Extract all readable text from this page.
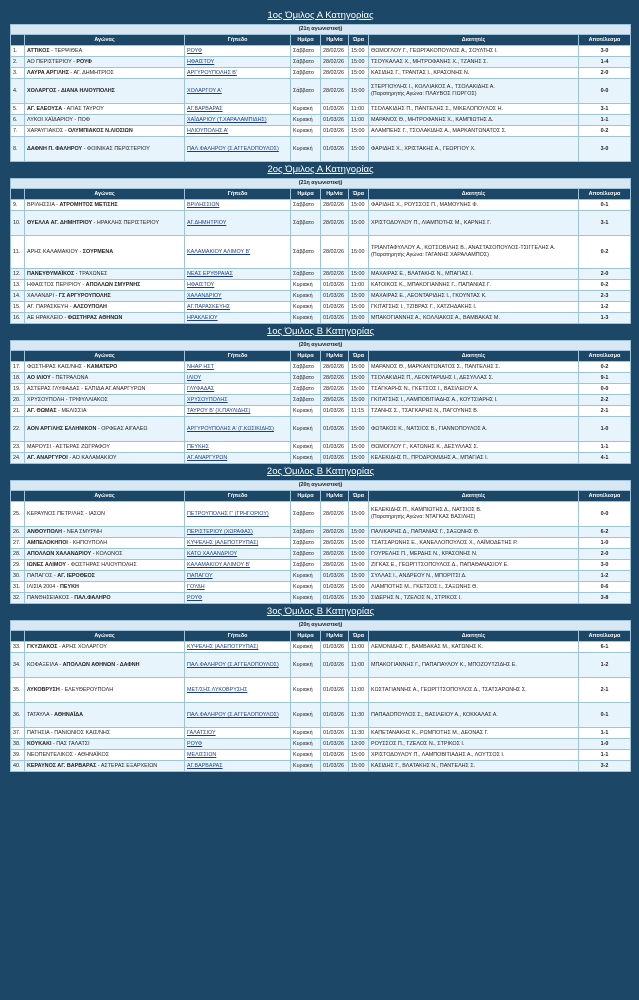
1ος Όμιλος Α Κατηγορίας							
(21η αγωνιστική)							
	Αγώνας	Γήπεδο	Ημέρα	Ημ/νία	Ώρα	Διαιτητές	Αποτέλεσμα
1.	ΑΤΤΙΚΟΣ - ΤΕΡΨΙΘΕΑ	ΡΟΥΦ	Σάββατο	28/02/26	15:00	ΘΩΜΟΓΛΟΥ Γ., ΓΕΩΡΓΑΚΟΠΟΥΛΟΣ Α., ΣΟΥΛΤΗΣ Ι.	3-0
2.	ΑΟ ΠΕΡΙΣΤΕΡΙΟΥ - ΡΟΥΦ	ΗΦΑΙΣΤΟΥ	Σάββατο	28/02/26	15:00	ΤΣΟΥΚΑΛΑΣ Χ., ΜΗΤΡΟΦΑΝΗΣ Χ., ΤΖΑΝΗΣ Σ.	1-4
3.	ΛΑΥΡΑ ΑΡΓ/ΛΗΣ - ΑΓ. ΔΗΜΗΤΡΙΟΣ	ΑΡΓΥΡΟΥΠΟΛΗΣ Β'	Σάββατο	28/02/26	15:00	ΚΑΣΙΔΗΣ Γ., ΤΡΑΝΤΑΣ Ι., ΚΡΑΣΟΝΗΣ Ν.	2-0
4.	ΧΟΛΑΡΓΟΣ - ΔΙΑΝΑ ΗΛΙΟΥΠΟΛΗΣ	ΧΟΛΑΡΓΟΥ Α'	Σάββατο	28/02/26	15:00	ΣΤΕΡΓΙΟΥΛΗΣ Ι., ΚΟΛΛΙΑΚΟΣ Α., ΤΣΟΛΑΚΙΔΗΣ Α.
(Παρατηρητής Αγώνα: ΠΛΑΥΒΟΣ ΓΙΩΡΓΟΣ)	0-0
5.	ΑΓ. ΕΛΕΟΥΣΑ - ΑΓΙΑΣ ΤΑΥΡΟΥ	ΑΓ.ΒΑΡΒΑΡΑΣ	Κυριακή	01/03/26	11:00	ΤΣΟΛΑΚΙΔΗΣ Π., ΠΑΝΤΕΛΗΣ Σ., ΜΙΚΕΛΟΠΟΥΛΟΣ Η.	3-1
6.	ΛΥΚΟΙ ΧΑΪΔΑΡΙΟΥ - ΠΟΦ	ΧΑΪΔΑΡΙΟΥ (Τ.ΧΑΡΑΛΑΜΠΙΔΗΣ)	Κυριακή	01/03/26	11:00	ΜΑΡΑΝΟΣ Θ., ΜΗΤΡΟΦΑΝΗΣ Χ., ΚΑΜΠΙΩΤΗΣ Δ.	1-1
7.	ΧΑΡΑΥΓΙΑΚΟΣ - ΟΛΥΜΠΙΑΚΟΣ Ν.ΛΙΟΣΙΩΝ	ΗΛΙΟΥΠΟΛΗΣ Α'	Κυριακή	01/03/26	15:00	ΑΛΑΜΠΕΗΣ Γ., ΤΣΟΛΑΚΙΔΗΣ Α., ΜΑΡΚΑΝΤΩΝΑΤΟΣ Σ.	0-2
8.	ΔΑΦΝΗ Π. ΦΑΛΗΡΟΥ - ΦΟΙΝΙΚΑΣ ΠΕΡΙΣΤΕΡΙΟΥ	ΠΑΛ.ΦΑΛΗΡΟΥ (Σ.ΑΓΓΕΛΟΠΟΥΛΟΣ)	Κυριακή	01/03/26	15:00	ΦΑΡΙΔΗΣ Χ., ΧΡΙΣΤΑΚΗΣ Α., ΓΕΩΡΓΙΟΥ Χ.	3-0
2ος Όμιλος Α Κατηγορίας							
(21η αγωνιστική)							
	Αγώνας	Γήπεδο	Ημέρα	Ημ/νία	Ώρα	Διαιτητές	Αποτέλεσμα
9.	ΒΡΙΛΗΣΣΙΑ - ΑΤΡΟΜΗΤΟΣ ΜΕΤ/ΣΗΣ	ΒΡΙΛΗΣΣΙΩΝ	Σάββατο	28/02/26	15:00	ΦΑΡΙΔΗΣ Χ., ΡΟΥΣΣΟΣ Π., ΜΑΜΟΥΝΗΣ Φ.	0-1
10.	ΘΥΕΛΛΑ ΑΓ. ΔΗΜΗΤΡΙΟΥ - ΗΡΑΚΛΗΣ ΠΕΡΙΣΤΕΡΙΟΥ	ΑΓ.ΔΗΜΗΤΡΙΟΥ	Σάββατο	28/02/26	15:00	ΧΡΙΣΤΟΔΟΥΛΟΥ Π., ΛΙΑΜΠΟΤΗΣ Μ., ΚΑΡΝΗΣ Γ.	3-1
11.	ΑΡΗΣ ΚΑΛΑΜΑΚΙΟΥ - ΣΟΥΡΜΕΝΑ	ΚΑΛΑΜΑΚΙΟΥ ΑΛΙΜΟΥ Β'	Σάββατο	28/02/26	15:00	ΤΡΙΑΝΤΑΦΥΛΛΟΥ Α., ΚΩΤΣΟΒΙΛΗΣ Β., ΑΝΑΣΤΑΣΟΠΟΥΛΟΣ-ΤΣΙΓΓΕΛΗΣ Α.
(Παρατηρητής Αγώνα: ΓΑΓΑΝΗΣ ΧΑΡΑΛΑΜΠΟΣ)	0-2
12.	ΠΑΝΕΥΘΥΜΑΪΚΟΣ - ΤΡΑΧΩΝΕΣ	ΝΕΑΣ ΕΡΥΘΡΑΙΑΣ	Σάββατο	28/02/26	15:00	ΜΑΧΑΙΡΑΣ Ε., ΒΛΑΤΑΚΗΣ Ν., ΜΠΑΓΙΑΣ Ι.	2-0
13.	ΗΦΑΙΣΤΟΣ ΠΕΡ/ΡΙΟΥ - ΑΠΟΛΛΩΝ ΣΜΥΡΝΗΣ	ΗΦΑΙΣΤΟΥ	Κυριακή	01/03/26	11:00	ΚΑΤΟΙΚΟΣ Κ., ΜΠΑΚΟΓΙΑΝΝΗΣ Γ., ΠΑΠΑΝΙΑΣ Γ.	0-2
14.	ΧΑΛΑΝΔΡΙ - ΓΣ ΑΡΓΥΡΟΥΠΟΛΗΣ	ΧΑΛΑΝΔΡΙΟΥ	Κυριακή	01/03/26	15:00	ΜΑΧΑΙΡΑΣ Ε., ΛΕΟΝΤΑΡΙΔΗΣ Ι., ΓΚΟΥΝΤΑΣ Κ.	2-3
15.	ΑΓ. ΠΑΡΑΣΚΕΥΗ - ΑΛΣΟΥΠΟΛΗ	ΑΓ.ΠΑΡΑΣΚΕΥΗΣ	Κυριακή	01/03/26	15:00	ΓΚΙΤΑΤΣΗΣ Ι., ΤΖΙΒΡΑΣ Γ., ΧΑΤΖΗΔΑΚΗΣ Ι.	1-2
16.	ΑΕ ΗΡΑΚΛΕΙΟ - ΦΩΣΤΗΡΑΣ ΑΘΗΝΩΝ	ΗΡΑΚΛΕΙΟΥ	Κυριακή	01/03/26	15:00	ΜΠΑΚΟΓΙΑΝΝΗΣ Α., ΚΟΛΛΙΑΚΟΣ Α., ΒΑΜΒΑΚΑΣ Μ.	1-3
1ος Όμιλος Β Κατηγορίας							
(20η αγωνιστική)							
	Αγώνας	Γήπεδο	Ημέρα	Ημ/νία	Ώρα	Διαιτητές	Αποτέλεσμα
17.	ΦΩΣΤΗΡΑΣ ΚΑΙΣ/ΝΗΣ - ΚΑΜΑΤΕΡΟ	ΝΗΑΡ ΗΣΤ	Σάββατο	28/02/26	15:00	ΜΑΡΑΝΟΣ Θ., ΜΑΡΚΑΝΤΩΝΑΤΟΣ Σ., ΠΑΝΤΕΛΗΣ Σ.	0-2
18.	ΑΟ ΙΛΙΟΥ - ΠΕΤΡΑΛΩΝΑ	ΙΛΙΟΥ	Σάββατο	28/02/26	15:00	ΤΣΟΛΑΚΙΔΗΣ Π., ΛΕΟΝΤΑΡΙΔΗΣ Ι., ΔΕΣΥΛΛΑΣ Σ.	9-1
19.	ΑΣΤΕΡΑΣ ΓΛΥΦΑΔΑΣ - ΕΛΠΙΔΑ ΑΓ.ΑΝΑΡΓΥΡΩΝ	ΓΛΥΦΑΔΑΣ	Σάββατο	28/02/26	15:00	ΤΣΑΓΚΑΡΗΣ Ν., ΓΚΕΤΣΟΣ Ι., ΒΑΣΙΛΕΙΟΥ Α.	0-0
20.	ΧΡΥΣΟΥΠΟΛΗ - ΤΡΙΦΥΛΛΙΑΚΟΣ	ΧΡΥΣΟΥΠΟΛΗΣ	Σάββατο	28/02/26	15:00	ΓΚΙΤΑΤΣΗΣ Ι., ΛΑΜΠΟΒΙΤΙΑΔΗΣ Α., ΚΟΥΤΣΙΑΡΗΣ Ι.	2-2
21.	ΑΓ. ΘΩΜΑΣ - ΜΕΛΙΣΣΙΑ	ΤΑΥΡΟΥ Β' (Χ.ΠΑΥΛΙΔΗΣ)	Κυριακή	01/03/26	11:15	ΤΖΑΝΗΣ Σ., ΤΣΑΓΚΑΡΗΣ Ν., ΠΑΓΟΥΝΗΣ Β.	2-1
22.	ΑΟΝ ΑΡΓ/ΛΗΣ ΕΛΛΗΝΙΚΟΝ - ΟΡΦΕΑΣ ΑΙΓΑΛΕΩ	ΑΡΓΥΡΟΥΠΟΛΗΣ Α' (Γ.ΚΩΣΙΚΙΔΗΣ)	Κυριακή	01/03/26	15:00	ΦΩΤΑΚΟΣ Κ., ΝΑΤΣΙΟΣ Β., ΓΙΑΝΝΟΠΟΥΛΟΣ Α.	1-0
23.	ΜΑΡΟΥΣΙ - ΑΣΤΕΡΑΣ ΖΩΓΡΑΦΟΥ	ΠΕΥΚΗΣ	Κυριακή	01/03/26	15:00	ΘΩΜΟΓΛΟΥ Γ., ΚΑΤΩΝΗΣ Κ., ΔΕΣΥΛΛΑΣ Σ.	1-1
24.	ΑΓ. ΑΝΑΡΓΥΡΟΙ - ΑΟ ΚΑΛΑΜΑΚΙΟΥ	ΑΓ.ΑΝΑΡΓΥΡΩΝ	Κυριακή	01/03/26	15:00	ΚΕΛΕΚΙΔΗΣ Π., ΠΡΟΔΡΟΜΙΔΗΣ Α., ΜΠΑΓΙΑΣ Ι.	4-1
2ος Όμιλος Β Κατηγορίας							
(20η αγωνιστική)							
	Αγώνας	Γήπεδο	Ημέρα	Ημ/νία	Ώρα	Διαιτητές	Αποτέλεσμα
25.	ΚΕΡΑΥΝΟΣ ΠΕΤΡ/ΛΗΣ - ΙΑΣΩΝ	ΠΕΤΡΟΥΠΟΛΗΣ Γ' (ΓΡΗΓΟΡΙΟΥ)	Σάββατο	28/02/26	15:00	ΚΕΛΕΚΙΔΗΣ Π., ΚΑΜΠΙΩΤΗΣ Δ., ΝΑΤΣΙΟΣ Β.
(Παρατηρητής Αγώνα: ΝΤΑΓΚΑΣ ΒΑΣΙΛΗΣ)	0-0
26.	ΑΝΘΟΥΠΟΛΗ - ΝΕΑ ΣΜΥΡΝΗ	ΠΕΡΙΣΤΕΡΙΟΥ (ΧΩΡΑΦΑΣ)	Σάββατο	28/02/26	15:00	ΠΑΛΙΚΑΡΗΣ Δ., ΠΑΠΑΝΙΑΣ Γ., ΣΑΞΩΝΗΣ Θ.	6-2
27.	ΑΜΠΕΛΟΚΗΠΟΙ - ΚΗΠΟΥΠΟΛΗ	ΚΥΨΕΛΗΣ (ΑΛΕΠΟΤΡΥΠΑΣ)	Σάββατο	28/02/26	15:00	ΤΣΑΤΣΑΡΩΝΗΣ Ε., ΚΑΝΕΛΛΟΠΟΥΛΟΣ Χ., ΛΑΪΜΟΔΕΤΗΣ Ρ.	1-0
28.	ΑΠΟΛΛΩΝ ΧΑΛΑΝΔΡΙΟΥ - ΚΟΛΩΝΟΣ	ΚΑΤΩ ΧΑΛΑΝΔΡΙΟΥ	Σάββατο	28/02/26	15:00	ΓΟΥΡΕΛΗΣ Π., ΜΕΡΔΗΣ Ν., ΚΡΑΣΟΝΗΣ Ν.	2-0
29.	ΙΩΝΕΣ ΑΛΙΜΟΥ - ΦΩΣΤΗΡΑΣ ΗΛΙΟΥΠΟΛΗΣ	ΚΑΛΑΜΑΚΙΟΥ ΑΛΙΜΟΥ Β'	Σάββατο	28/02/26	15:00	ΖΙΓΚΑΣ Ε., ΓΕΩΡΓΙΤΣΟΠΟΥΛΟΣ Δ., ΠΑΠΑΘΑΝΑΣΙΟΥ Ε.	3-0
30.	ΠΑΠΑΓΟΣ - ΑΓ. ΙΕΡΟΘΕΟΣ	ΠΑΠΑΓΟΥ	Κυριακή	01/03/26	15:00	ΣΥΛΛΑΣ Ι., ΑΝΔΡΕΟΥ Ν., ΜΠΟΡΙΤΣΙ Δ.	1-2
31.	ΙΛΙΣΙΑ 2004 - ΠΕΥΚΗ	ΓΟΥΔΗ	Κυριακή	01/03/26	15:00	ΛΙΑΜΠΟΤΗΣ Μ., ΓΚΕΤΣΟΣ Ι., ΣΑΞΩΝΗΣ Θ.	0-6
32.	ΠΑΝΘΗΣΕΙΑΚΟΣ - ΠΑΛ.ΦΑΛΗΡΟ	ΡΟΥΦ	Κυριακή	01/03/26	15:30	ΣΙΔΕΡΗΣ Ν., ΤΖΕΛΟΣ Ν., ΣΤΡΙΚΟΣ Ι.	3-8
3ος Όμιλος Β Κατηγορίας							
(20η αγωνιστική)							
	Αγώνας	Γήπεδο	Ημέρα	Ημ/νία	Ώρα	Διαιτητές	Αποτέλεσμα
33.	ΓΚΥΖΙΑΚΟΣ - ΑΡΗΣ ΧΟΛΑΡΓΟΥ	ΚΥΨΕΛΗΣ (ΑΛΕΠΟΤΡΥΠΑΣ)	Κυριακή	01/03/26	11:00	ΛΕΜΟΝΙΔΗΣ Γ., ΒΑΜΒΑΚΑΣ Μ., ΚΑΤΩΝΗΣ Κ.	6-1
34.	ΚΟΦΑΞΕΙΛΑ - ΑΠΟΛΛΩΝ ΑΘΗΝΩΝ - ΔΑΦΝΗ	ΠΑΛ.ΦΑΛΗΡΟΥ (Σ.ΑΓΓΕΛΟΠΟΥΛΟΣ)	Κυριακή	01/03/26	11:00	ΜΠΑΚΟΓΙΑΝΝΗΣ Γ., ΠΑΠΑΠΑΥΛΟΥ Κ., ΜΠΟΖΟΥΤΖΙΔΗΣ Ε.	1-2
35.	ΛΥΚΟΒΡΥΣΗ - ΕΛΕΥΘΕΡΟΥΠΟΛΗ	ΜΕΤ/ΣΗΣ ΛΥΚΟΒΡΥΣΗΣ	Κυριακή	01/03/26	11:00	ΚΩΣΤΑΓΙΑΝΝΗΣ Α., ΓΕΩΡΓΙΤΣΟΠΟΥΛΟΣ Δ., ΤΣΑΤΣΑΡΩΝΗΣ Σ.	2-1
36.	ΤΑΤΑΥΛΑ - ΑΘΗΝΑΪΔΑ	ΠΑΛ.ΦΑΛΗΡΟΥ (Σ.ΑΓΓΕΛΟΠΟΥΛΟΣ)	Κυριακή	01/03/26	11:30	ΠΑΠΑΔΟΠΟΥΛΟΣ Σ., ΒΑΣΙΛΕΙΟΥ Α., ΚΟΚΚΑΛΑΣ Α.	0-1
37.	ΠΑΤΗΣΙΑ - ΠΑΝΙΩΝΙΟΣ ΚΑΙΣ/ΝΗΣ	ΓΑΛΑΤΣΙΟΥ	Κυριακή	01/03/26	11:30	ΚΑΠΕΤΑΝΑΚΗΣ Κ., ΡΩΜΠΟΤΗΣ Μ., ΔΕΟΝΑΣ Γ.	1-1
38.	ΚΟΥΚΑΚΙ - ΠΑΣ ΓΑΛΑΤΣΙ	ΡΟΥΦ	Κυριακή	01/03/26	13:00	ΡΟΥΣΣΟΣ Π., ΤΖΕΛΟΣ Ν., ΣΤΡΙΚΟΣ Ι.	1-0
39.	ΝΕΟΠΕΝΤΕΛΙΚΟΣ - ΑΘΗΝΑΪΚΟΣ	ΜΕΛΙΣΣΙΩΝ	Κυριακή	01/03/26	15:00	ΧΡΙΣΤΟΔΟΥΛΟΥ Π., ΛΑΜΠΟΒΙΤΙΑΔΗΣ Α., ΛΟΥΤΣΟΣ Ι.	1-1
40.	ΚΕΡΑΥΝΟΣ ΑΓ. ΒΑΡΒΑΡΑΣ - ΑΣΤΕΡΑΣ ΕΞΑΡΧΕΙΩΝ	ΑΓ.ΒΑΡΒΑΡΑΣ	Κυριακή	01/03/26	15:00	ΚΑΣΙΔΗΣ Γ., ΒΛΑΤΑΚΗΣ Ν., ΠΑΝΤΕΛΗΣ Σ.	3-2
